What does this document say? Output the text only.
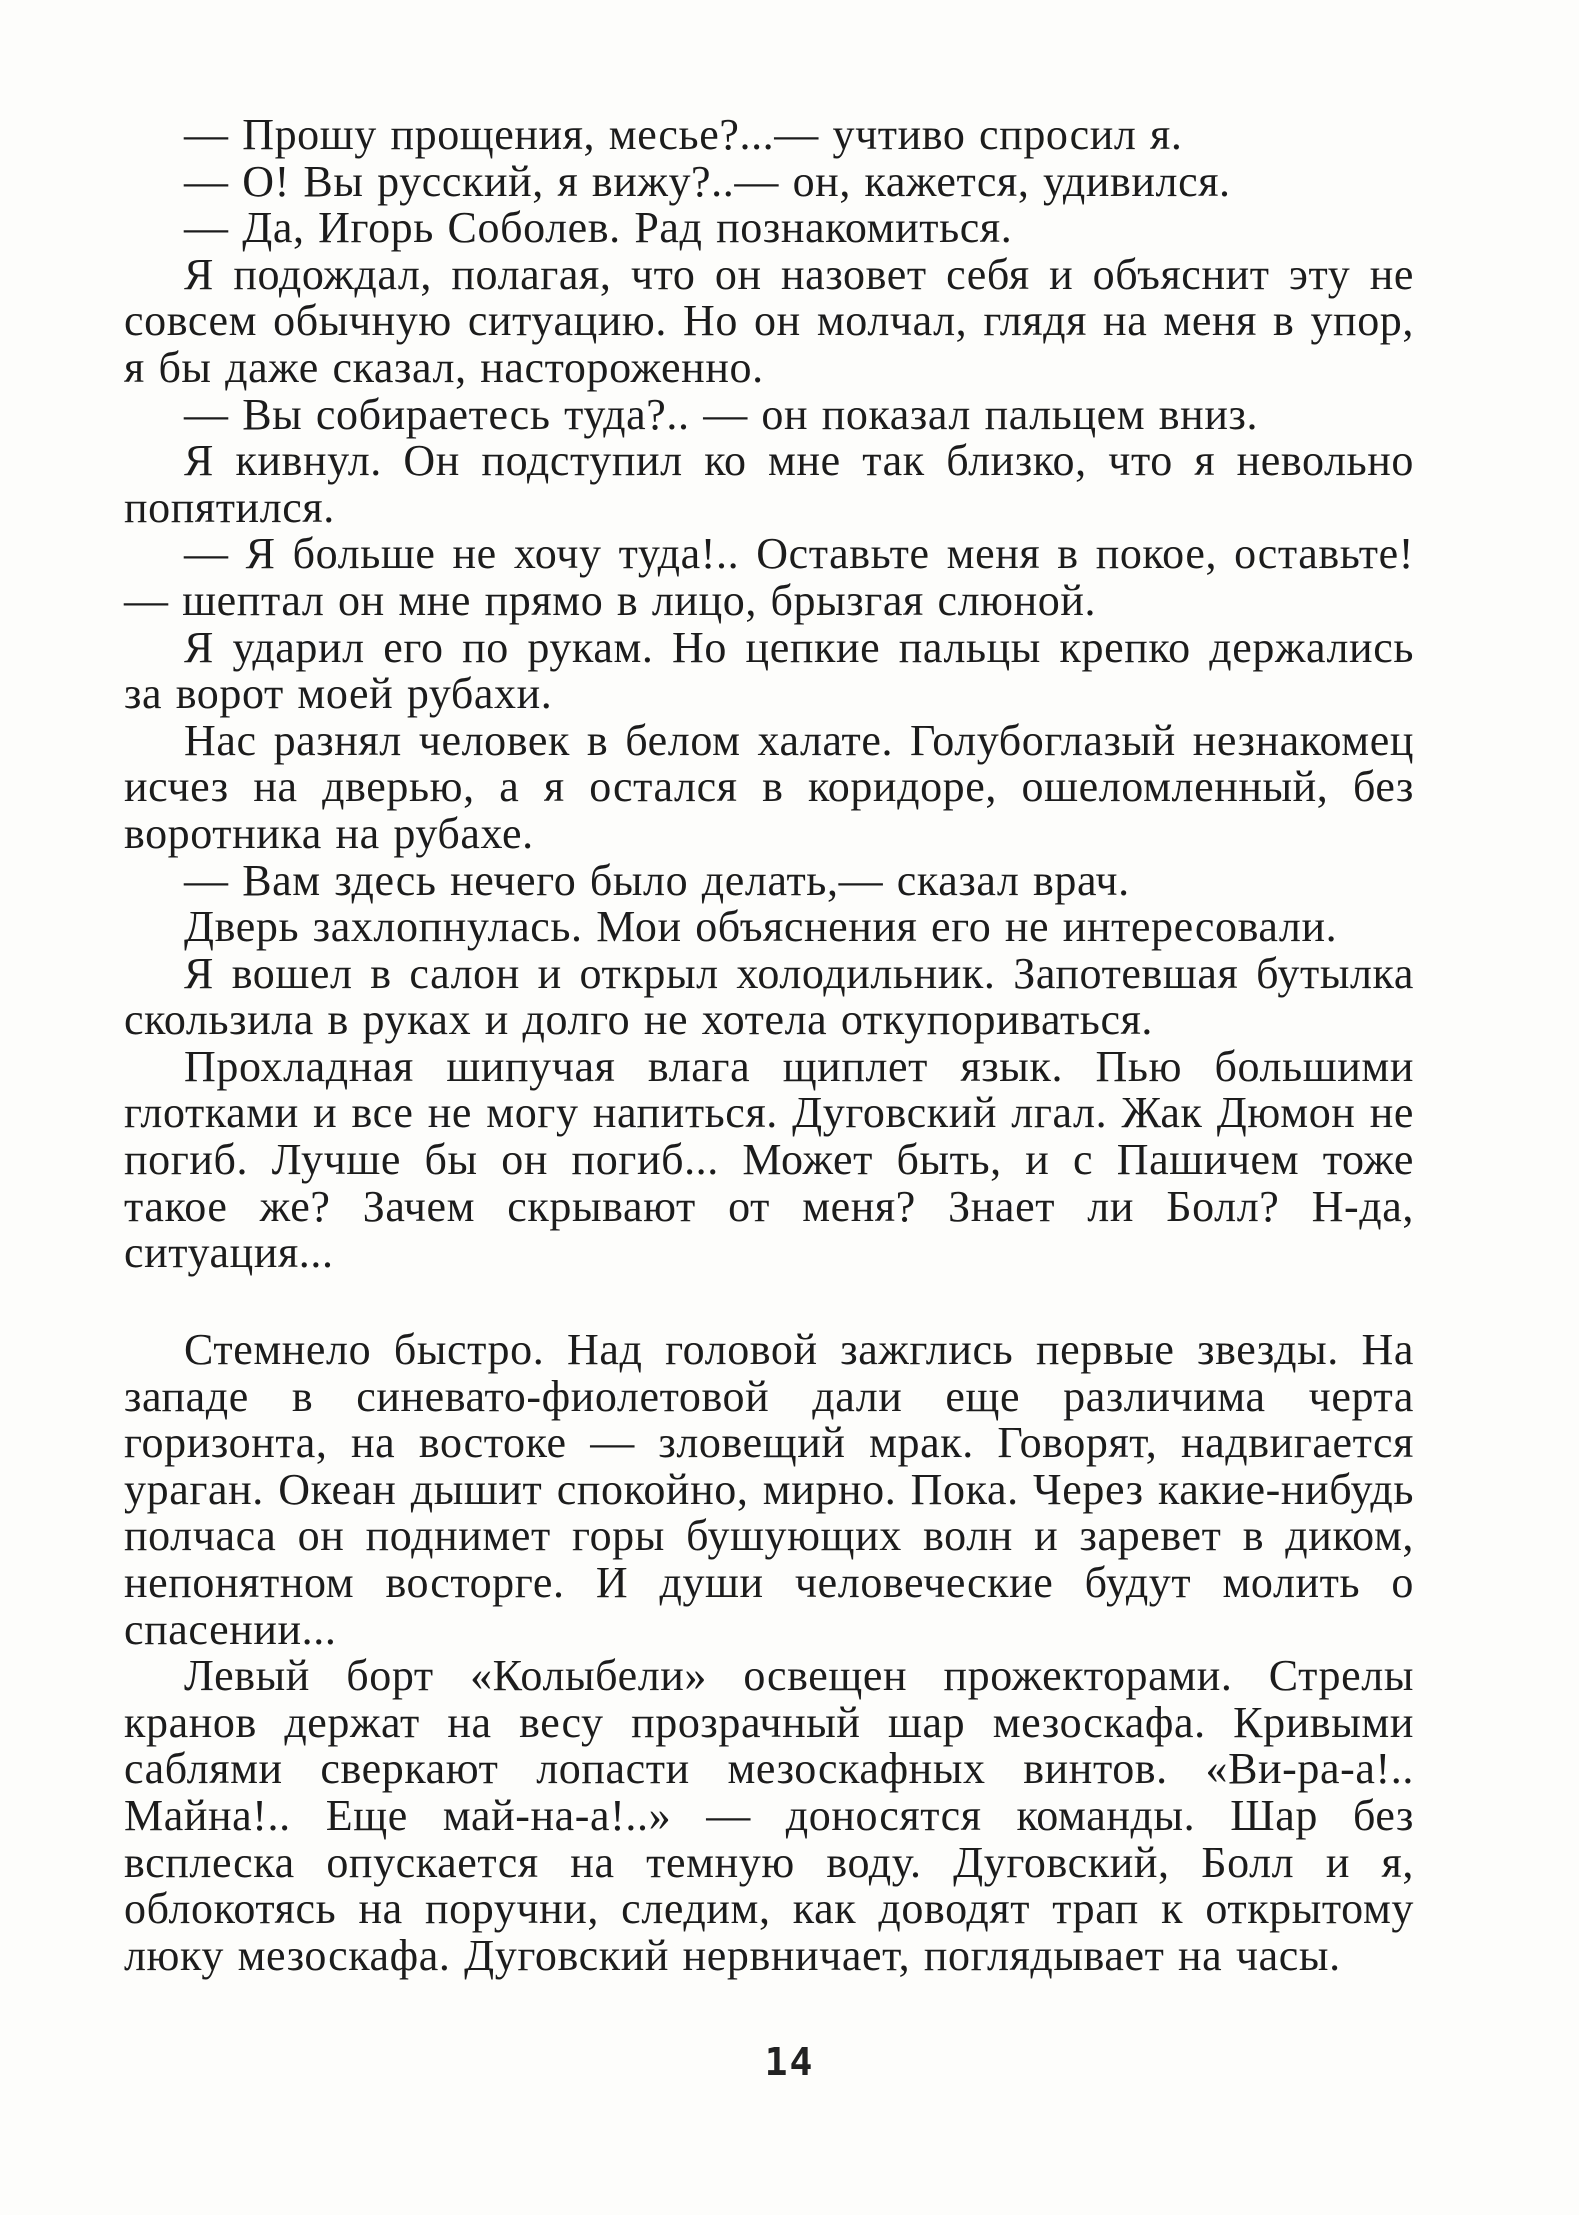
— Прошу прощения, месье?...— учтиво спросил я.

— О! Вы русский, я вижу?..— он, кажется, удивился.

— Да, Игорь Соболев. Рад познакомиться.

Я подождал, полагая, что он назовет себя и объяснит эту не совсем обычную ситуацию. Но он молчал, глядя на меня в упор, я бы даже сказал, настороженно.

— Вы собираетесь туда?.. — он показал пальцем вниз.

Я кивнул. Он подступил ко мне так близко, что я невольно попятился.

— Я больше не хочу туда!.. Оставьте меня в покое, оставьте! — шептал он мне прямо в лицо, брызгая слюной.

Я ударил его по рукам. Но цепкие пальцы крепко держались за ворот моей рубахи.

Нас разнял человек в белом халате. Голубоглазый незнакомец исчез на дверью, а я остался в коридоре, ошеломленный, без воротника на рубахе.

— Вам здесь нечего было делать,— сказал врач.

Дверь захлопнулась. Мои объяснения его не интересовали.

Я вошел в салон и открыл холодильник. Запотевшая бутылка скользила в руках и долго не хотела откупориваться.

Прохладная шипучая влага щиплет язык. Пью большими глотками и все не могу напиться. Дуговский лгал. Жак Дюмон не погиб. Лучше бы он погиб... Может быть, и с Пашичем тоже такое же? Зачем скрывают от меня? Знает ли Болл? Н-да, ситуация...

Стемнело быстро. Над головой зажглись первые звезды. На западе в синевато-фиолетовой дали еще различима черта горизонта, на востоке — зловещий мрак. Говорят, надвигается ураган. Океан дышит спокойно, мирно. Пока. Через какие-нибудь полчаса он поднимет горы бушующих волн и заревет в диком, непонятном восторге. И души человеческие будут молить о спасении...

Левый борт «Колыбели» освещен прожекторами. Стрелы кранов держат на весу прозрачный шар мезоскафа. Кривыми саблями сверкают лопасти мезоскафных винтов. «Ви-ра-а!.. Майна!.. Еще май-на-а!..» — доносятся команды. Шар без всплеска опускается на темную воду. Дуговский, Болл и я, облокотясь на поручни, следим, как доводят трап к открытому люку мезоскафа. Дуговский нервничает, поглядывает на часы.

14
